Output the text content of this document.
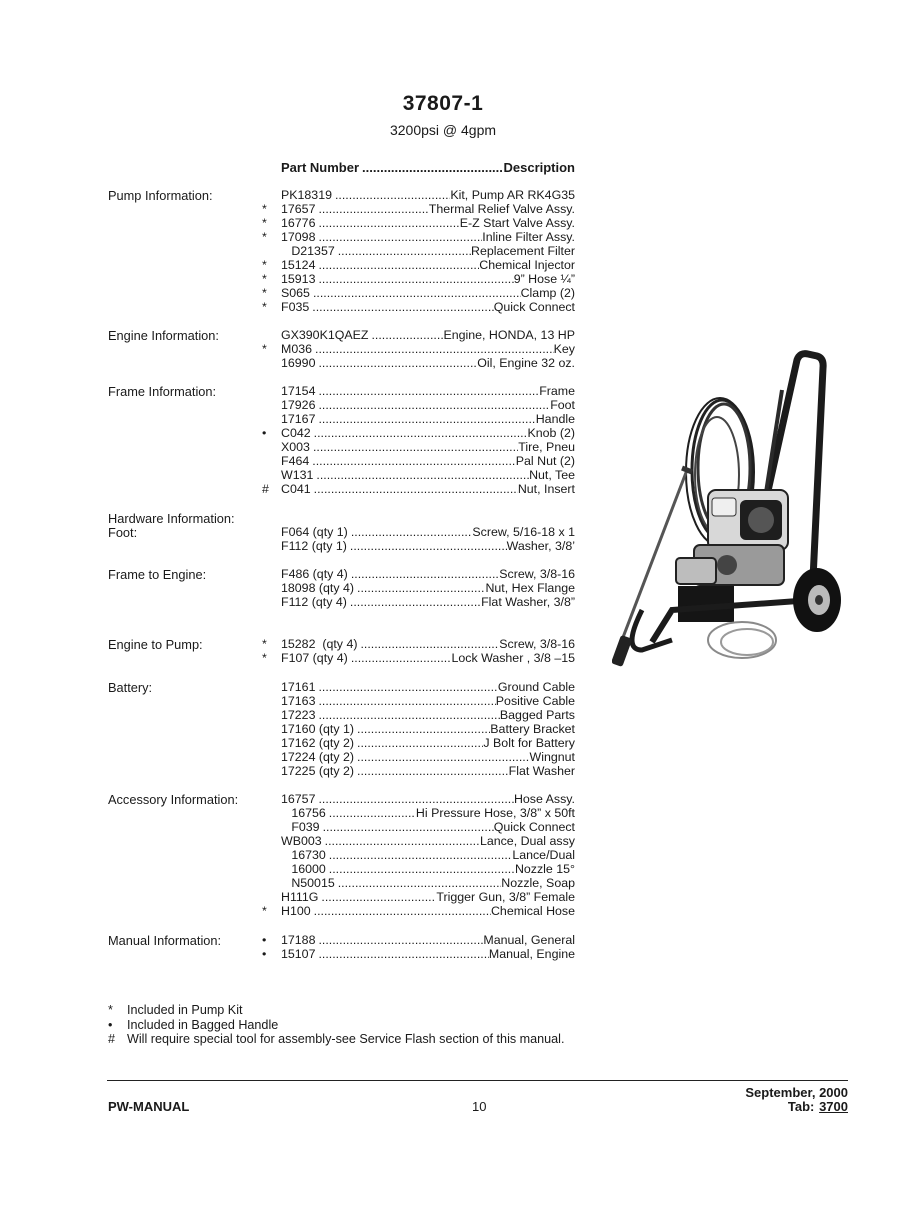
37807-1
3200psi @ 4gpm
Part Number .....	Description
Pump Information:	PK18319 .....	Kit, Pump AR RK4G35
*	17657 .....	Thermal Relief Valve Assy.
*	16776 .....	E-Z Start Valve Assy.
*	17098 .....	Inline Filter Assy.
D21357 .....	Replacement Filter
*	15124 .....	Chemical Injector
*	15913 .....	9” Hose ¼”
*	S065 .....	Clamp (2)
*	F035 .....	Quick Connect
Engine Information:	GX390K1QAEZ .....	Engine, HONDA, 13 HP
*	M036 .....	Key
16990 .....	Oil, Engine 32 oz.
Frame Information:	17154 .....	Frame
17926 .....	Foot
17167 .....	Handle
•	C042 .....	Knob (2)
X003 .....	Tire, Pneu
F464 .....	Pal Nut (2)
W131 .....	Nut, Tee
# C041 .....	Nut, Insert
Hardware Information:
Foot:	F064 (qty 1) .....	Screw, 5/16-18 x 1
F112 (qty 1) .....	Washer, 3/8’
Frame to Engine:	F486 (qty 4) .....	Screw, 3/8-16
18098 (qty 4) .....	Nut, Hex Flange
F112 (qty 4) .....	Flat Washer, 3/8”
Engine to Pump:	*	15282  (qty 4) .....	Screw, 3/8-16
*	F107 (qty 4) .....	Lock Washer , 3/8 –15
Battery:	17161 .....	Ground Cable
17163 .....	Positive Cable
17223 .....	Bagged Parts
17160 (qty 1) .....	Battery Bracket
17162 (qty 2) .....	J Bolt for Battery
17224 (qty 2) .....	Wingnut
17225 (qty 2) .....	Flat Washer
Accessory Information:	16757 .....	Hose Assy.
16756 .....	Hi Pressure Hose, 3/8” x 50ft
F039 .....	Quick Connect
WB003 .....	Lance, Dual assy
16730 .....	Lance/Dual
16000 .....	Nozzle 15°
N50015 .....	Nozzle, Soap
H111G .....	Trigger Gun, 3/8” Female
*	H100 .....	Chemical Hose
Manual Information:	•	17188 .....	Manual, General
•	15107 .....	Manual, Engine
*	Included in Pump Kit
•	Included in Bagged Handle
# Will require special tool for assembly-see Service Flash section of this manual.
PW-MANUAL	10
September, 2000
Tab: 3700
